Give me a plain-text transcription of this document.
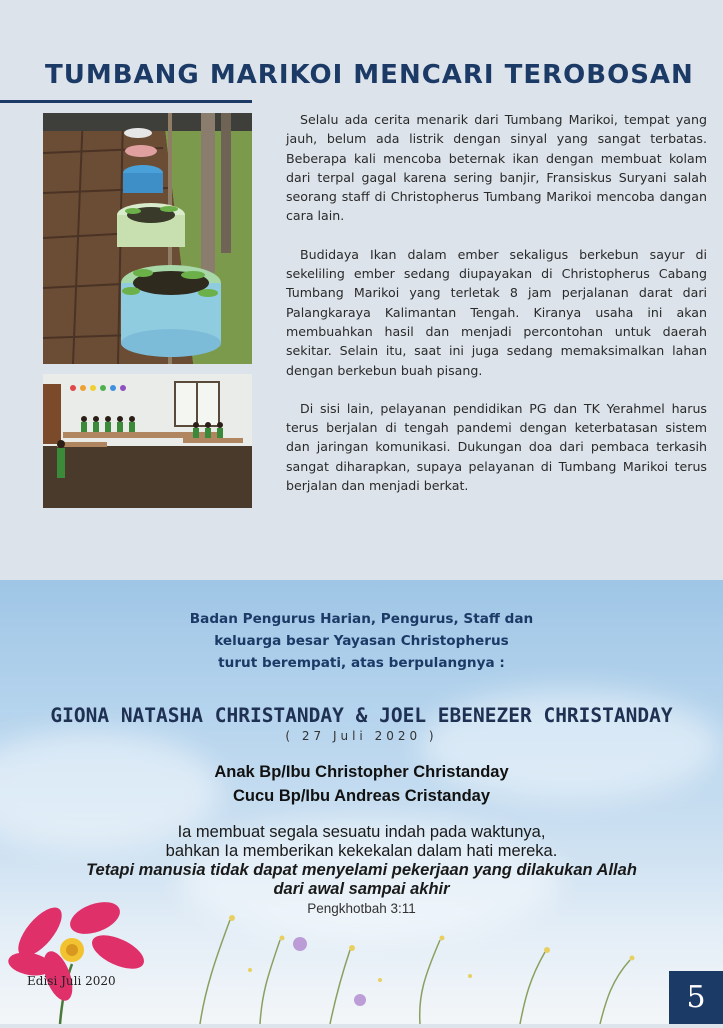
TUMBANG MARIKOI MENCARI TEROBOSAN

Selalu ada cerita menarik dari Tumbang Marikoi, tempat yang jauh, belum ada listrik dengan sinyal yang sangat terbatas. Beberapa kali mencoba beternak ikan dengan membuat kolam dari terpal gagal karena sering banjir, Fransiskus Suryani salah seorang staff di Christopherus Tumbang Marikoi mencoba dangan cara lain.

Budidaya Ikan dalam ember sekaligus berkebun sayur di sekeliling ember sedang diupayakan di Christopherus Cabang Tumbang Marikoi yang terletak 8 jam perjalanan darat dari Palangkaraya Kalimantan Tengah. Kiranya usaha ini akan membuahkan hasil dan menjadi percontohan untuk daerah sekitar. Selain itu, saat ini juga sedang memaksimalkan lahan dengan berkebun buah pisang.

Di sisi lain, pelayanan pendidikan PG dan TK Yerahmel harus terus berjalan di tengah pandemi dengan keterbatasan sistem dan jaringan komunikasi. Dukungan doa dari pembaca terkasih sangat diharapkan, supaya pelayanan di Tumbang Marikoi terus berjalan dan menjadi berkat.

Badan Pengurus Harian, Pengurus, Staff dan
keluarga besar Yayasan Christopherus
turut berempati, atas berpulangnya :
GIONA NATASHA CHRISTANDAY & JOEL EBENEZER CHRISTANDAY
( 27 Juli 2020 )
Anak Bp/Ibu Christopher Christanday
Cucu Bp/Ibu Andreas Cristanday
Ia membuat segala sesuatu indah pada waktunya,
bahkan Ia memberikan kekekalan dalam hati mereka.
Tetapi manusia tidak dapat menyelami pekerjaan yang dilakukan Allah
dari awal sampai akhir
Pengkhotbah 3:11
Edisi Juli 2020	5
